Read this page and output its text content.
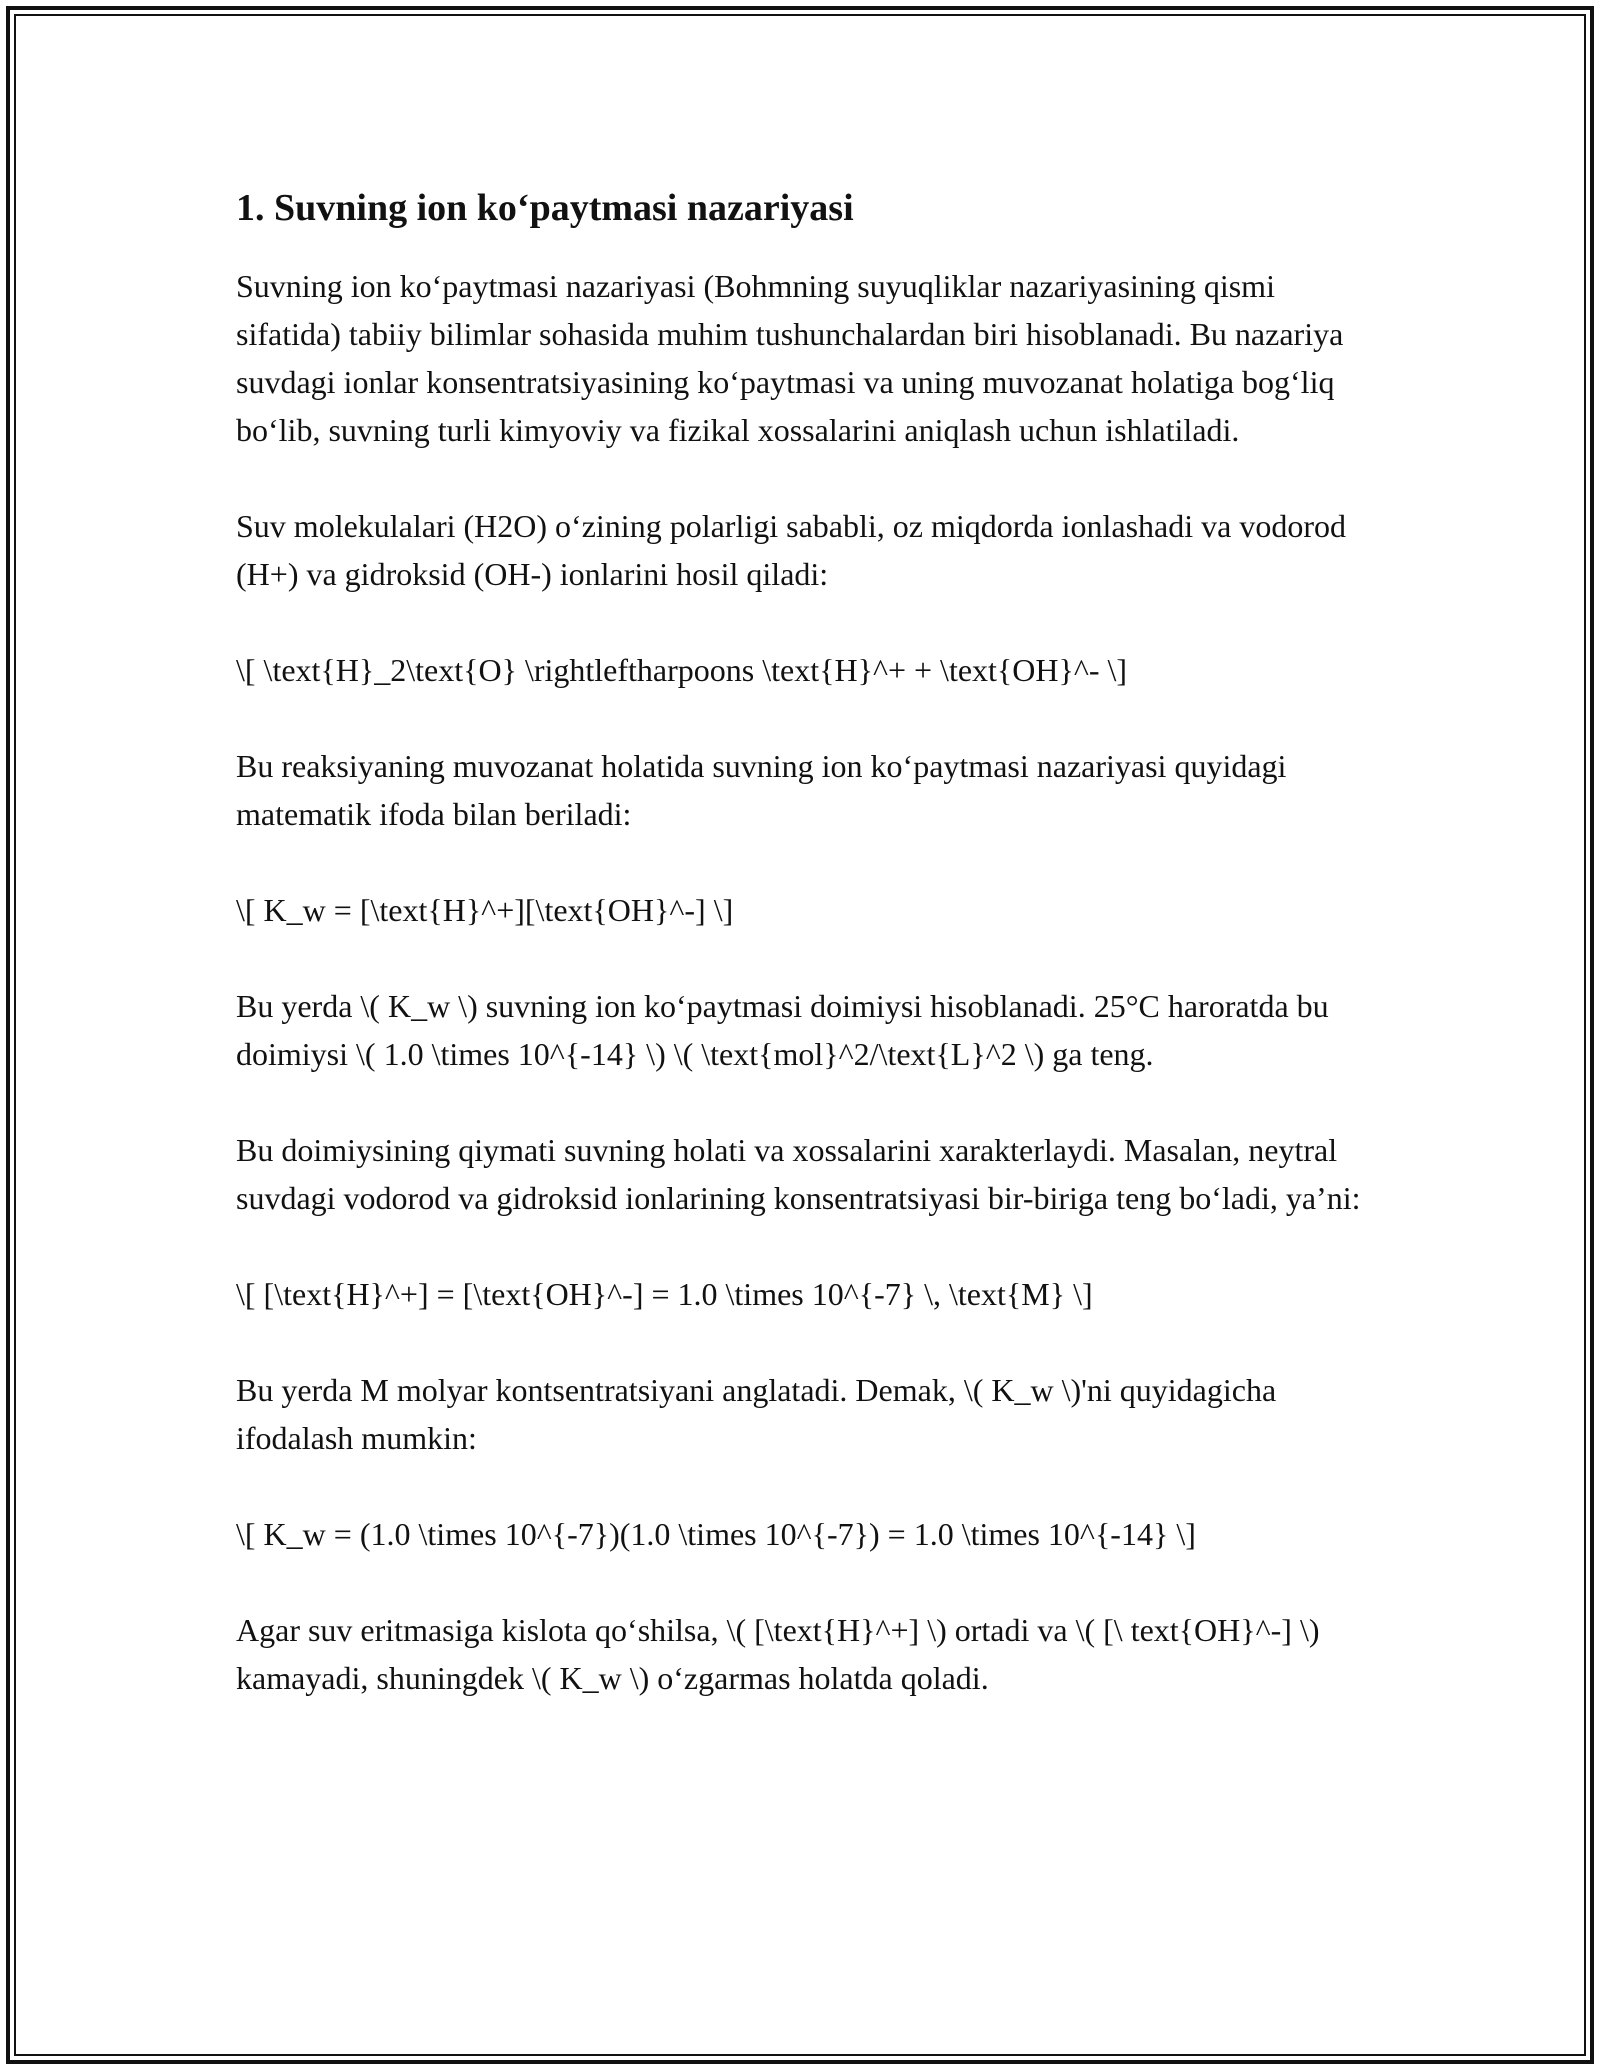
1. Suvning ion ko‘paytmasi nazariyasi

Suvning ion ko‘paytmasi nazariyasi (Bohmning suyuqliklar nazariyasining qismi sifatida) tabiiy bilimlar sohasida muhim tushunchalardan biri hisoblanadi. Bu nazariya suvdagi ionlar konsentratsiyasining ko‘paytmasi va uning muvozanat holatiga bog‘liq bo‘lib, suvning turli kimyoviy va fizikal xossalarini aniqlash uchun ishlatiladi.

Suv molekulalari (H2O) o‘zining polarligi sababli, oz miqdorda ionlashadi va vodorod (H+) va gidroksid (OH-) ionlarini hosil qiladi:

\[ \text{H}_2\text{O} \rightleftharpoons \text{H}^+ + \text{OH}^- \]

Bu reaksiyaning muvozanat holatida suvning ion ko‘paytmasi nazariyasi quyidagi matematik ifoda bilan beriladi:

\[ K_w = [\text{H}^+][\text{OH}^-] \]

Bu yerda \( K_w \) suvning ion ko‘paytmasi doimiysi hisoblanadi. 25°C haroratda bu doimiysi \( 1.0 \times 10^{-14} \) \( \text{mol}^2/\text{L}^2 \) ga teng.

Bu doimiysining qiymati suvning holati va xossalarini xarakterlaydi. Masalan, neytral suvdagi vodorod va gidroksid ionlarining konsentratsiyasi bir-biriga teng bo‘ladi, ya’ni:

\[ [\text{H}^+] = [\text{OH}^-] = 1.0 \times 10^{-7} \, \text{M} \]

Bu yerda M molyar kontsentratsiyani anglatadi. Demak, \( K_w \)'ni quyidagicha ifodalash mumkin:

\[ K_w = (1.0 \times 10^{-7})(1.0 \times 10^{-7}) = 1.0 \times 10^{-14} \]

Agar suv eritmasiga kislota qo‘shilsa, \( [\text{H}^+] \) ortadi va \( [\ text{OH}^-] \) kamayadi, shuningdek \( K_w \) o‘zgarmas holatda qoladi.
